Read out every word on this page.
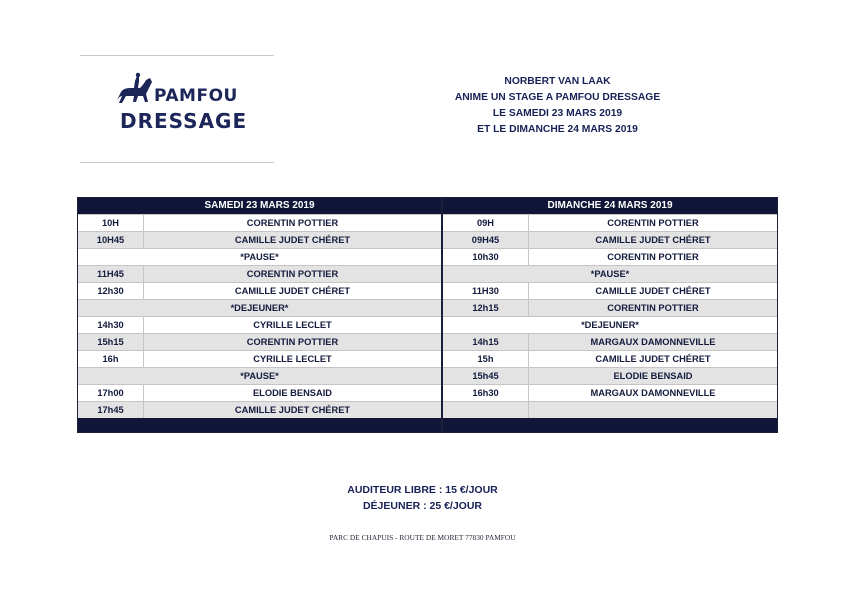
PAMFOU
DRESSAGE
NORBERT VAN LAAK
ANIME UN STAGE A PAMFOU DRESSAGE
LE SAMEDI 23 MARS 2019
ET LE DIMANCHE 24 MARS 2019
SAMEDI 23 MARS 2019
10H	CORENTIN POTTIER
10H45	CAMILLE JUDET CHÉRET
*PAUSE*
11H45	CORENTIN POTTIER
12h30	CAMILLE JUDET CHÉRET
*DEJEUNER*
14h30	CYRILLE LECLET
15h15	CORENTIN POTTIER
16h	CYRILLE LECLET
*PAUSE*
17h00	ELODIE BENSAID
17h45	CAMILLE JUDET CHÉRET
DIMANCHE 24 MARS 2019
09H	CORENTIN POTTIER
09H45	CAMILLE JUDET CHÉRET
10h30	CORENTIN POTTIER
*PAUSE*
11H30	CAMILLE JUDET CHÉRET
12h15	CORENTIN POTTIER
*DEJEUNER*
14h15	MARGAUX DAMONNEVILLE
15h	CAMILLE JUDET CHÉRET
15h45	ELODIE BENSAID
16h30	MARGAUX DAMONNEVILLE
AUDITEUR LIBRE : 15 €/JOUR
DÉJEUNER : 25 €/JOUR
PARC DE CHAPUIS - ROUTE DE MORET 77830 PAMFOU
